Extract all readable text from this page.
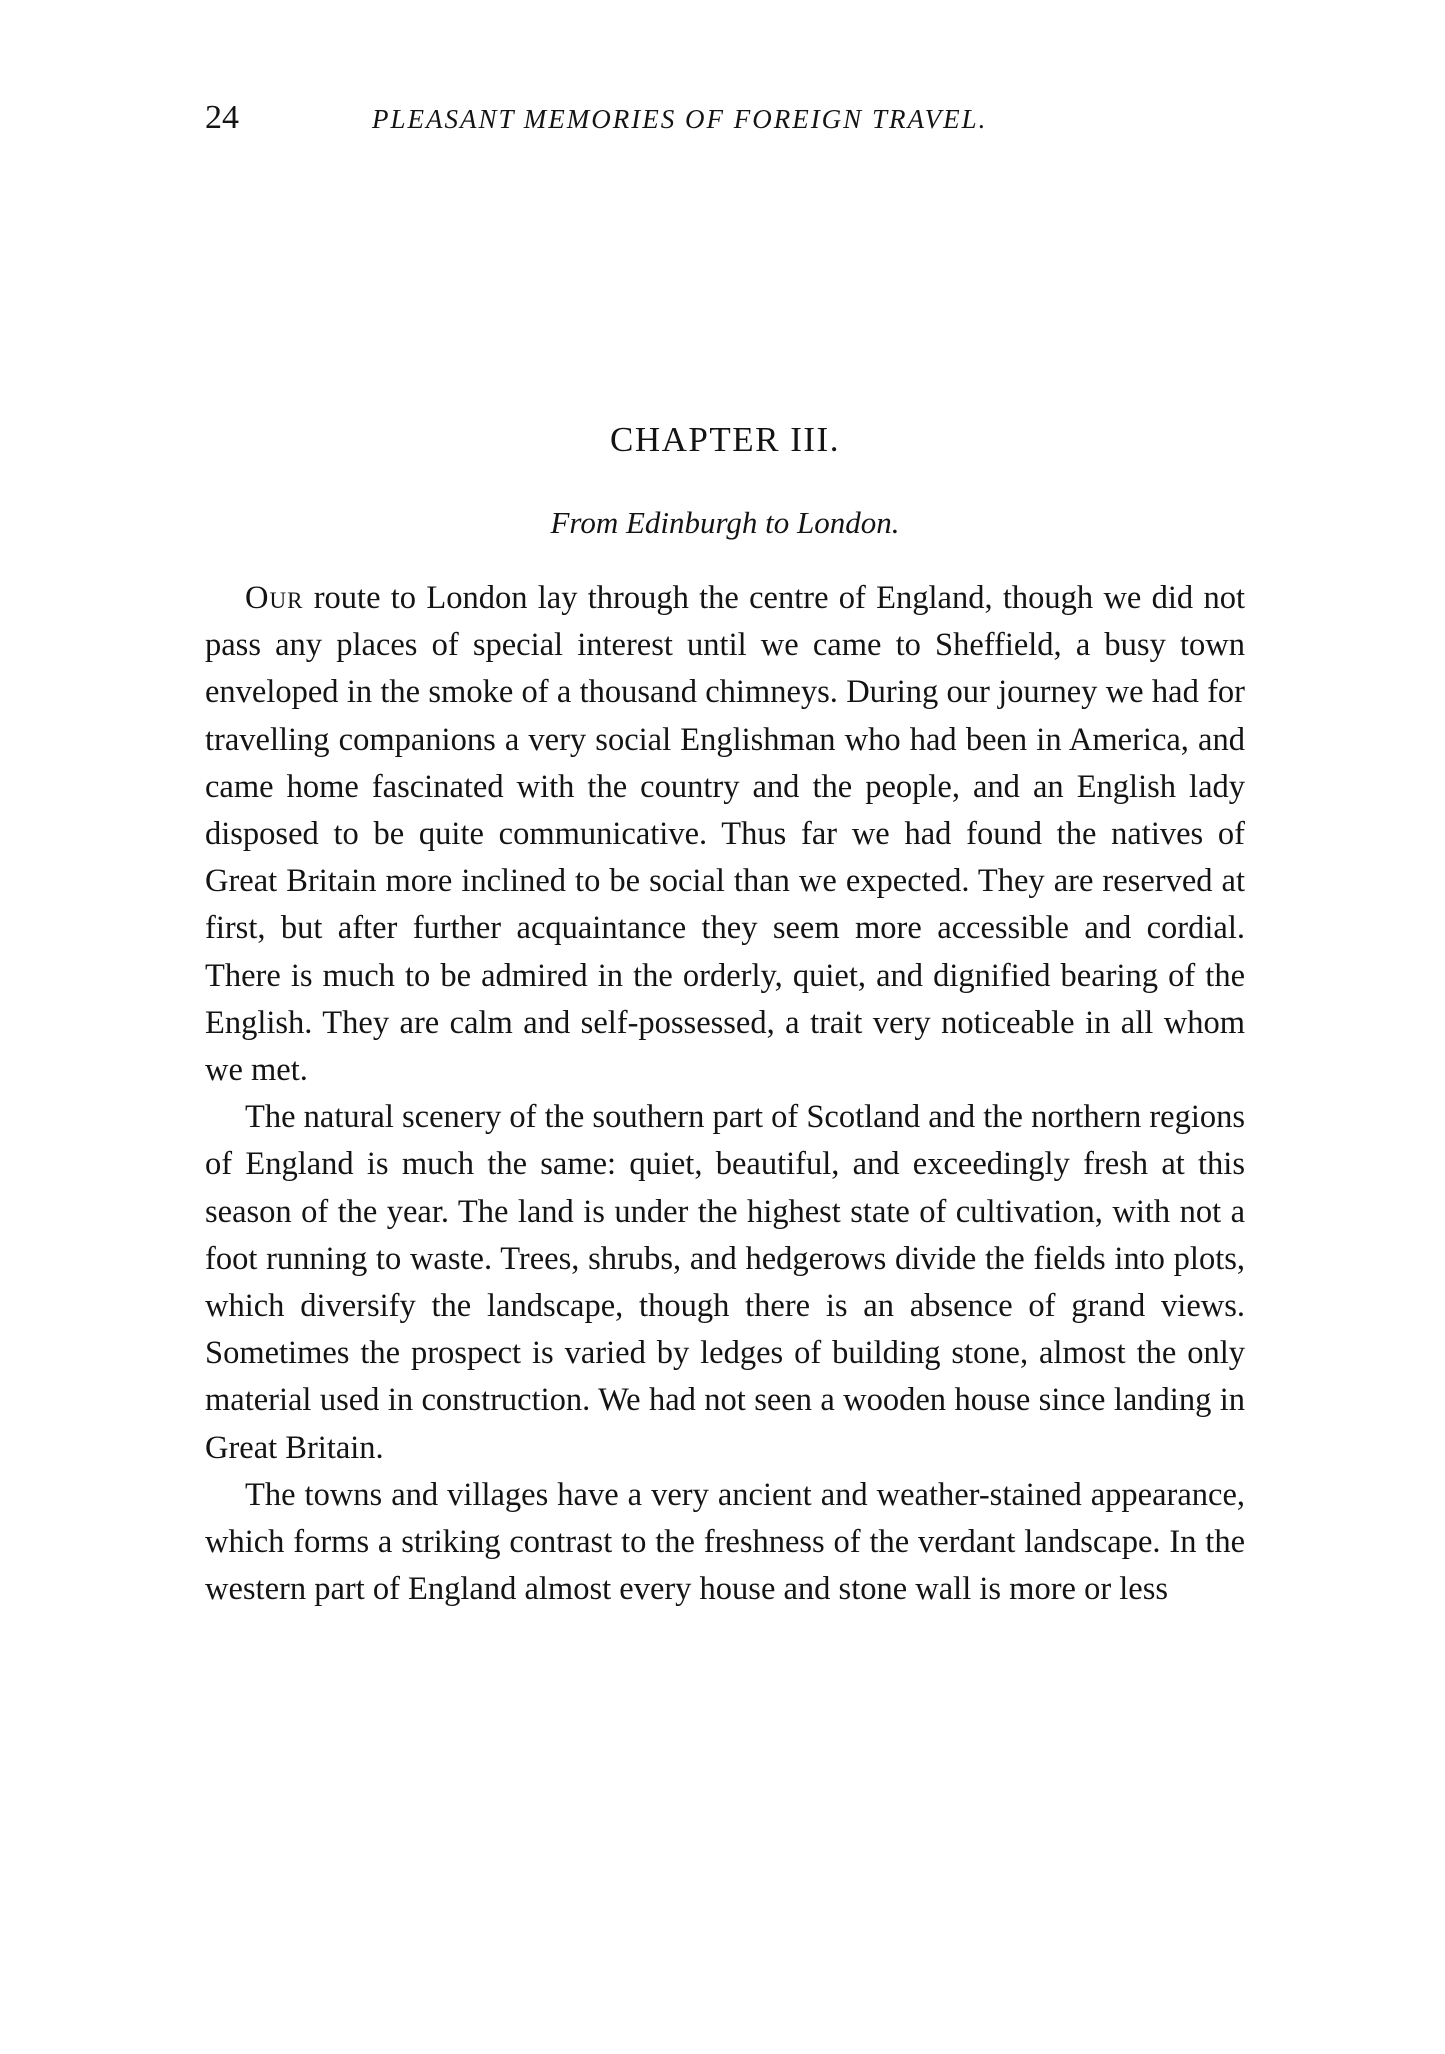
24	PLEASANT MEMORIES OF FOREIGN TRAVEL.
CHAPTER III.
From Edinburgh to London.

Our route to London lay through the centre of England, though we did not pass any places of special interest until we came to Sheffield, a busy town enveloped in the smoke of a thousand chimneys. During our journey we had for travelling companions a very social Englishman who had been in America, and came home fascinated with the country and the people, and an English lady disposed to be quite communicative. Thus far we had found the natives of Great Britain more inclined to be social than we expected. They are reserved at first, but after further acquaintance they seem more accessible and cordial. There is much to be admired in the orderly, quiet, and dignified bearing of the English. They are calm and self-possessed, a trait very noticeable in all whom we met.

The natural scenery of the southern part of Scotland and the northern regions of England is much the same: quiet, beautiful, and exceedingly fresh at this season of the year. The land is under the highest state of cultivation, with not a foot running to waste. Trees, shrubs, and hedgerows divide the fields into plots, which diversify the landscape, though there is an absence of grand views. Sometimes the prospect is varied by ledges of building stone, almost the only material used in construction. We had not seen a wooden house since landing in Great Britain.

The towns and villages have a very ancient and weather-stained appearance, which forms a striking contrast to the freshness of the verdant landscape. In the western part of England almost every house and stone wall is more or less
